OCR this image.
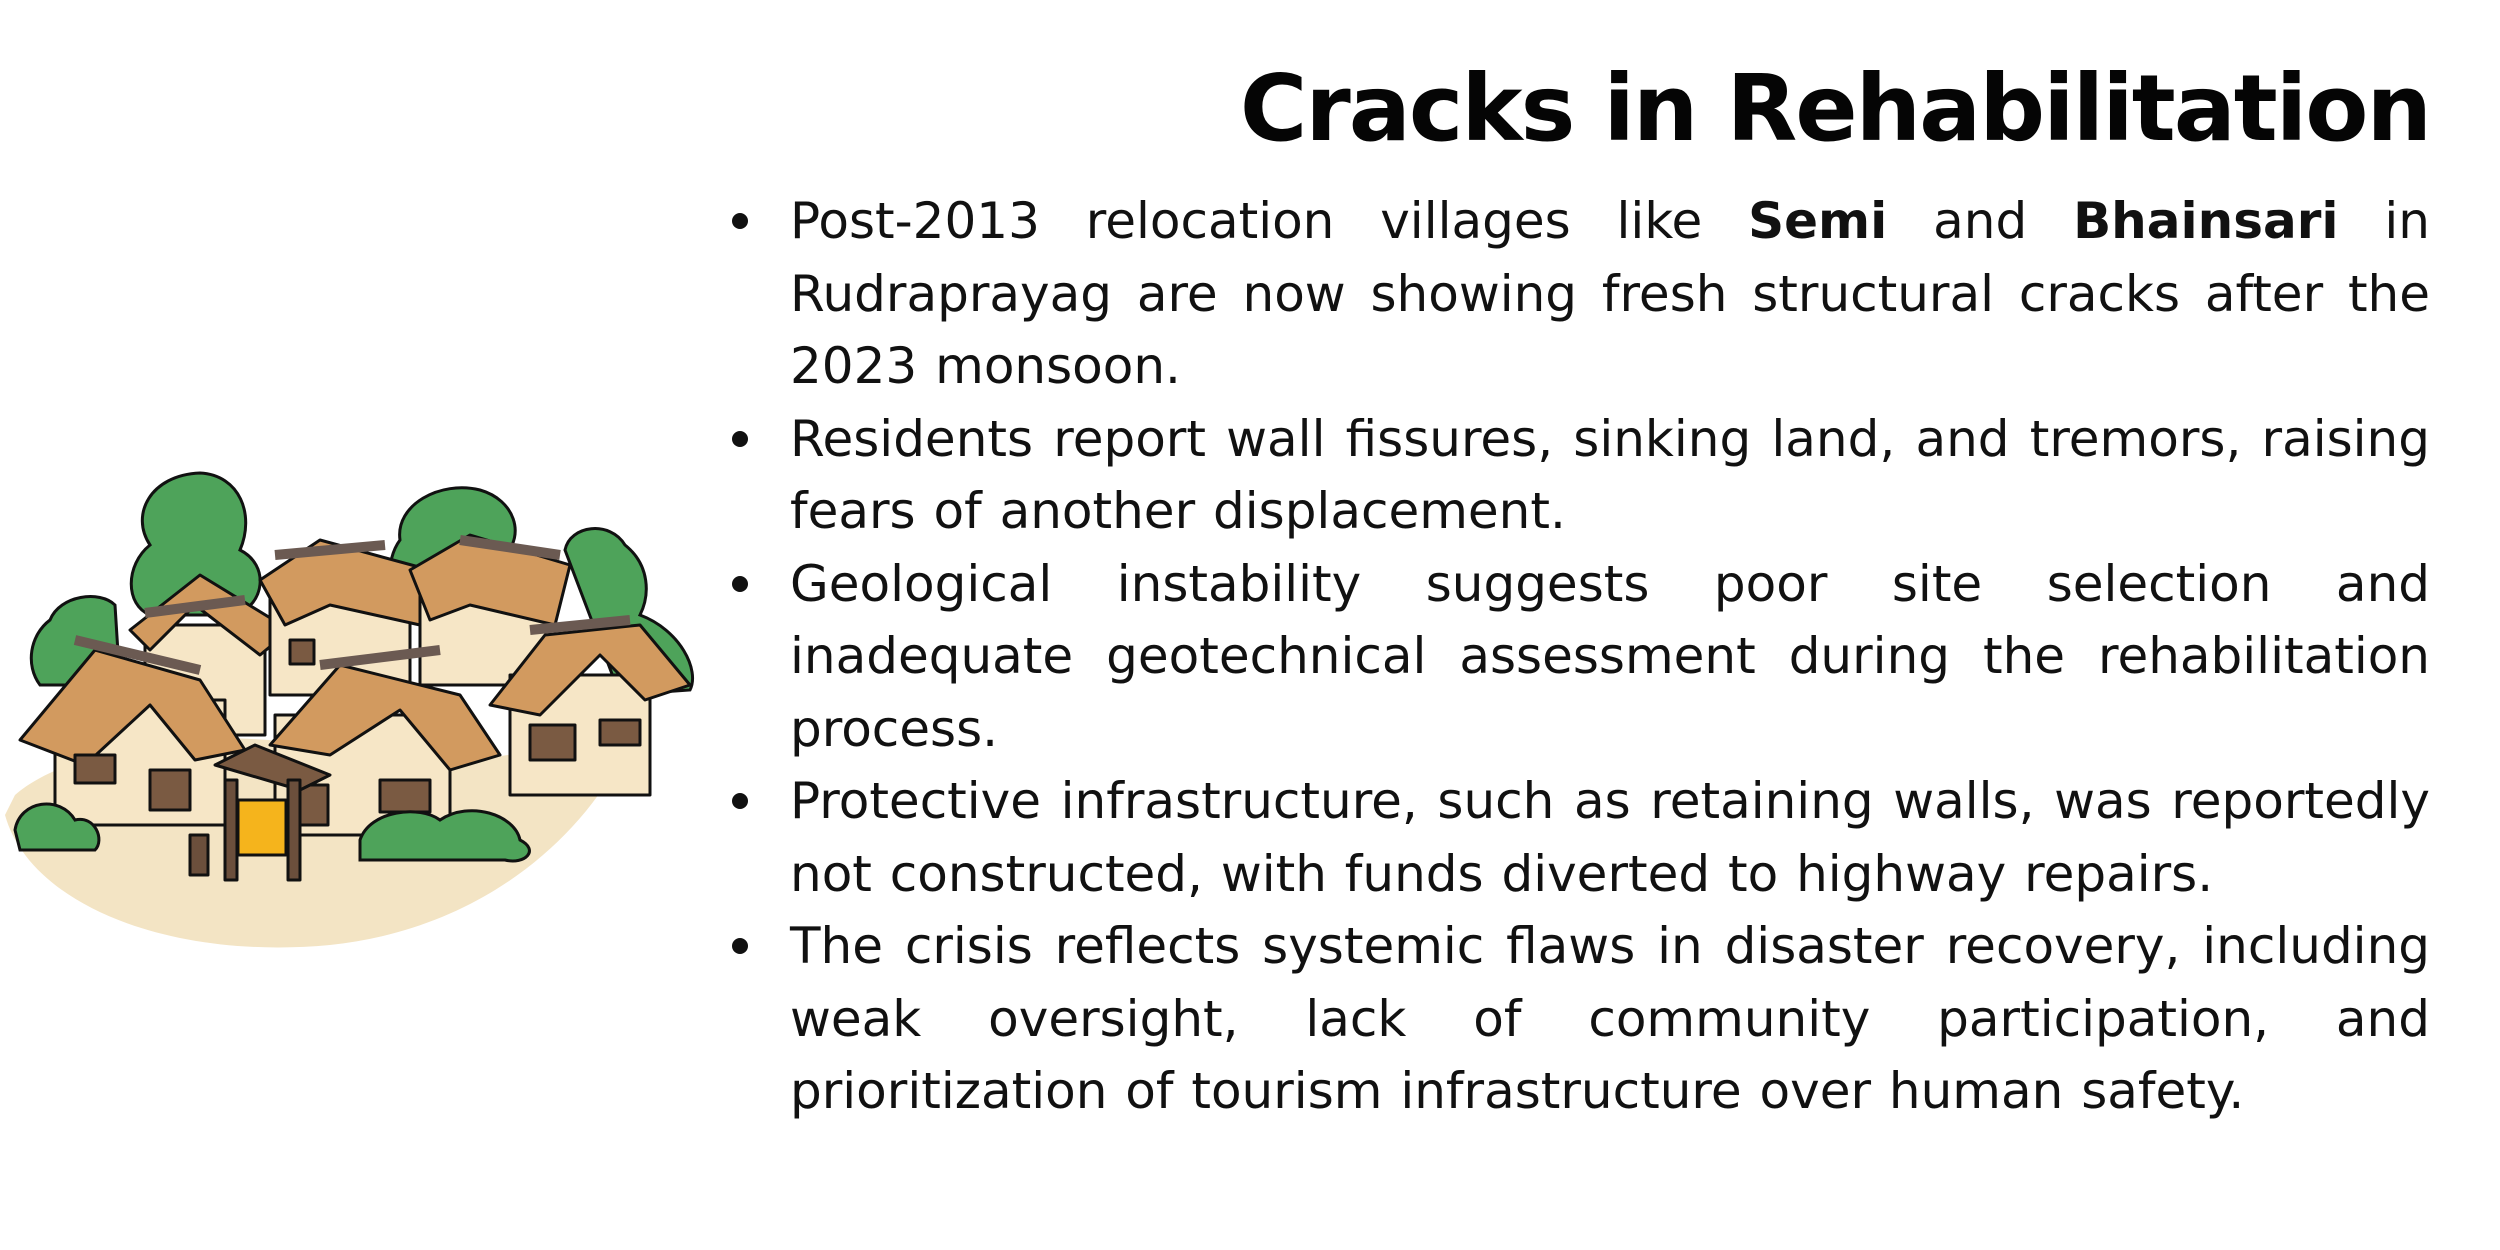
Cracks in Rehabilitation
Post-2013 relocation villages like Semi and Bhainsari in Rudraprayag are now showing fresh structural cracks after the 2023 monsoon.
Residents report wall fissures, sinking land, and tremors, raising fears of another displacement.
Geological instability suggests poor site selection and inadequate geotechnical assessment during the rehabilitation process.
Protective infrastructure, such as retaining walls, was reportedly not constructed, with funds diverted to highway repairs.
The crisis reflects systemic flaws in disaster recovery, including weak oversight, lack of community participation, and prioritization of tourism infrastructure over human safety.
